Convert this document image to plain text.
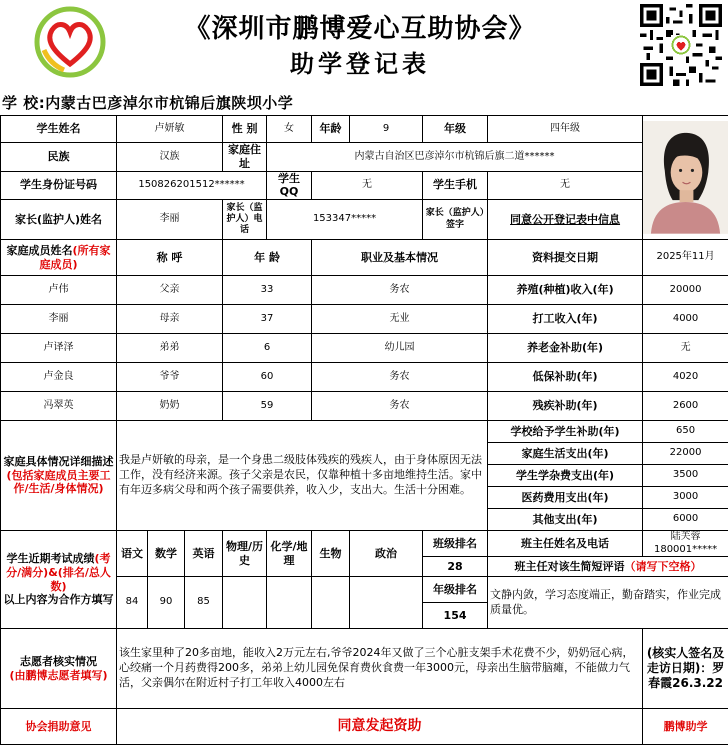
《深圳市鹏博爱心互助协会》
助学登记表
学 校:内蒙古巴彦淖尔市杭锦后旗陕坝小学
学生姓名	卢妍敏			性 别	女	年龄	9	年级	四年级	

民族	汉族			家庭住址	内蒙古自治区巴彦淖尔市杭锦后旗二道******					
学生身份证号码	150826201512******				学生QQ	无		学生手机	无	
家长(监护人)姓名	李丽			家长（监护人）电话	153347*****			家长（监护人）签字	同意公开登记表中信息	
家庭成员姓名(所有家庭成员)	称 呼			年 龄		职业及基本情况			资料提交日期	2025年11月
卢伟	父亲			33		务农			养殖(种植)收入(年)	20000
李丽	母亲			37		无业			打工收入(年)	4000
卢译泽	弟弟			6		幼儿园			养老金补助(年)	无
卢金良	爷爷			60		务农			低保补助(年)	4020
冯翠英	奶奶			59		务农			残疾补助(年)	2600
家庭具体情况详细描述(包括家庭成员主要工作/生活/身体情况)	我是卢妍敏的母亲，是一个身患二级肢体残疾的残疾人，由于身体原因无法工作，没有经济来源。孩子父亲是农民，仅靠种植十多亩地维持生活。家中有年迈多病父母和两个孩子需要供养，收入少，支出大。生活十分困难。								学校给予学生补助(年)	650
									家庭生活支出(年)	22000
									学生学杂费支出(年)	3500
									医药费用支出(年)	3000
									其他支出(年)	6000
学生近期考试成绩(考分/满分)&(排名/总人数)
以上内容为合作方填写	语文	数学	英语	物理/历史	化学/地理	生物	政治	班级排名	班主任姓名及电话	陆芙蓉
180001*****
								28	班主任对该生简短评语（请写下空格）	
	84	90	85					年级排名	文静内敛，学习态度端正，勤奋踏实，作业完成质量优。	
								154		
志愿者核实情况
(由鹏博志愿者填写)	该生家里种了20多亩地，能收入2万元左右,爷爷2024年又做了三个心脏支架手术花费不少，奶奶冠心病，心绞痛一个月药费得200多，弟弟上幼儿园免保育费伙食费一年3000元，母亲出生脑带脑瘫，不能做力气活，父亲偶尔在附近村子打工年收入4000左右									(核实人签名及走访日期)：罗春霞26.3.22
协会捐助意见	同意发起资助									鹏博助学
